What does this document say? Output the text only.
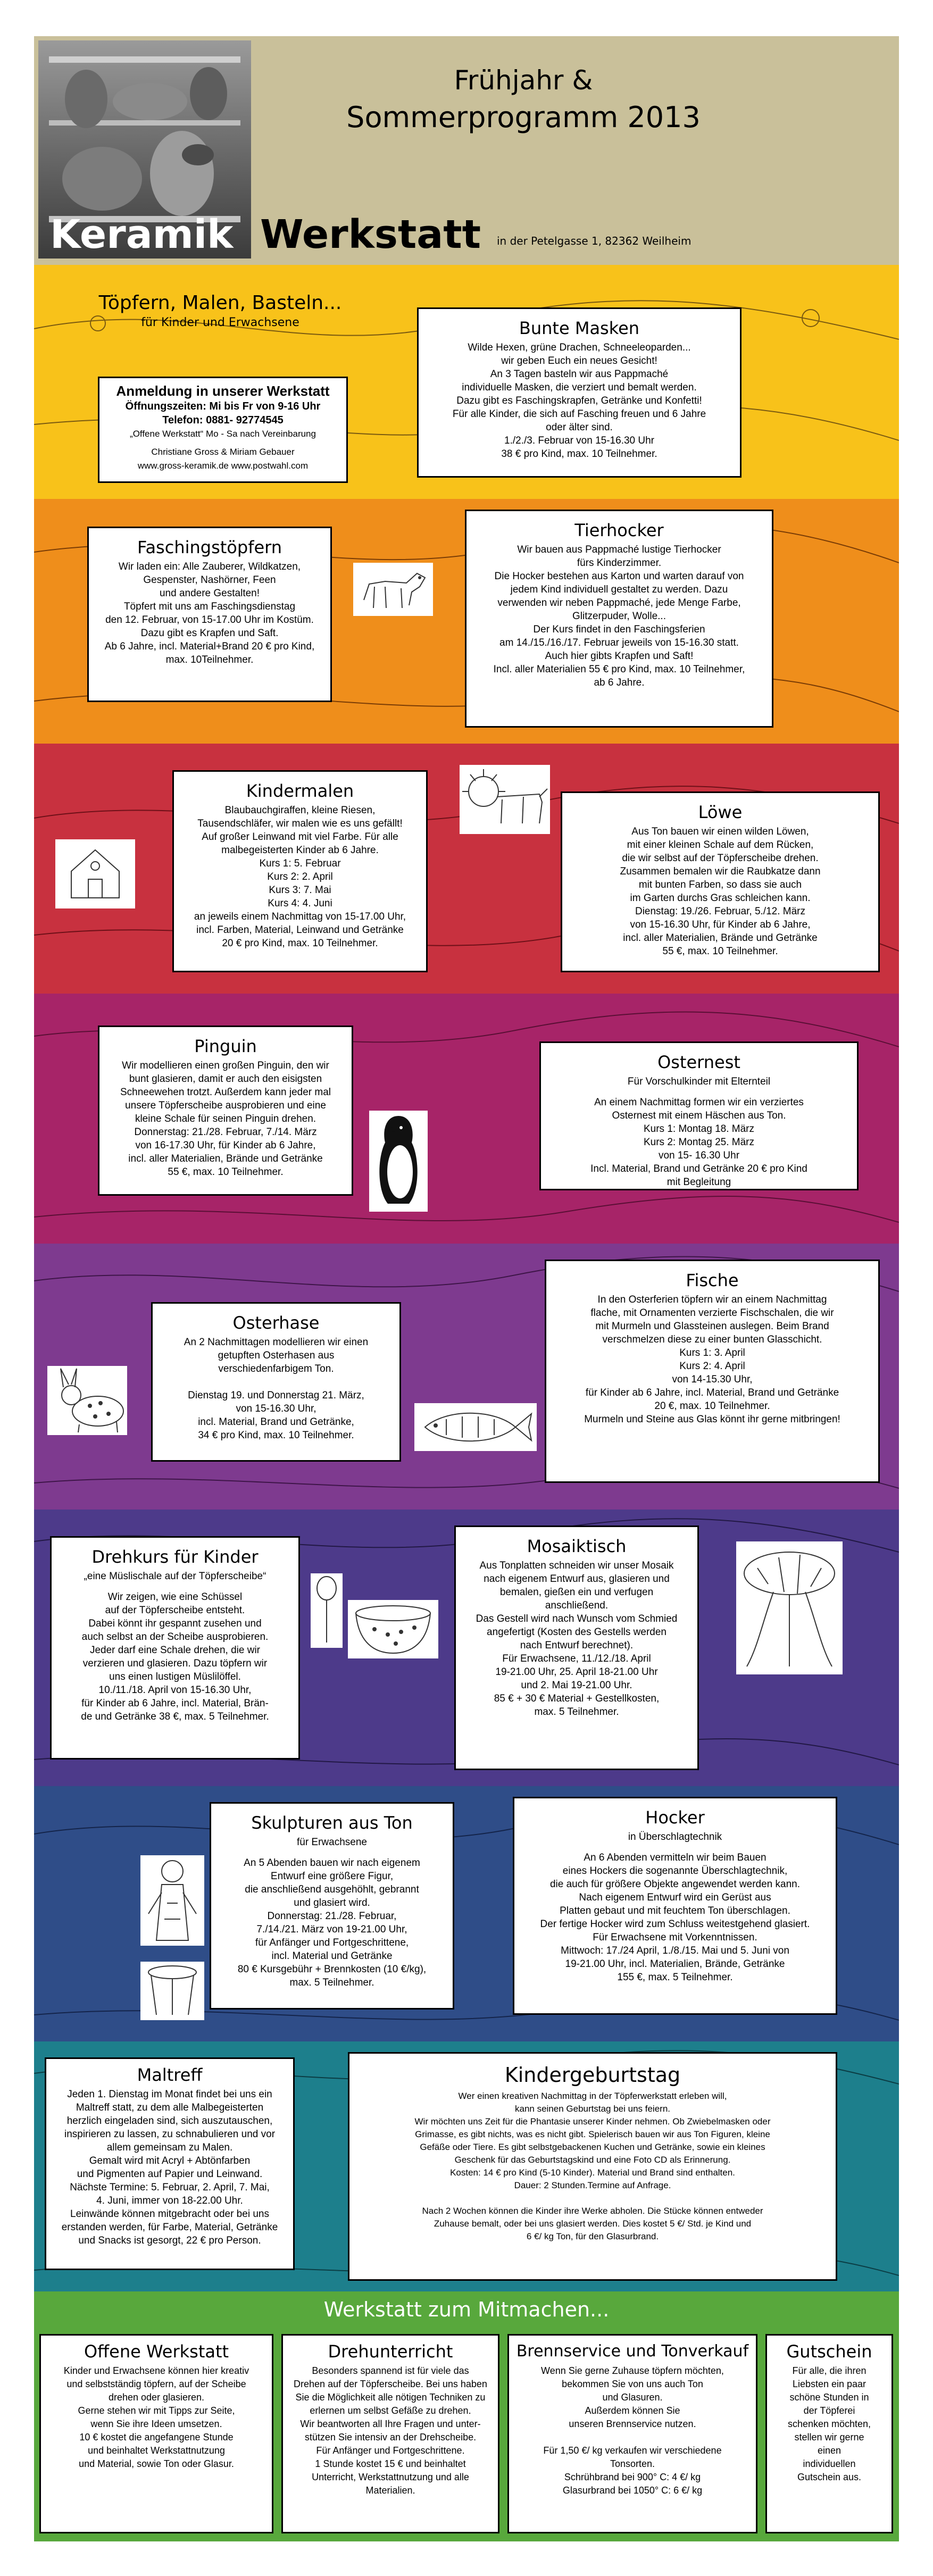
Frühjahr &
Sommerprogramm 2013
Keramik Werkstatt in der Petelgasse 1, 82362 Weilheim
Töpfern, Malen, Basteln...
für Kinder und Erwachsene
Anmeldung in unserer Werkstatt
Öffnungszeiten: Mi bis Fr von 9-16 Uhr
Telefon: 0881- 92774545
„Offene Werkstatt“ Mo - Sa nach Vereinbarung
Christiane Gross & Miriam Gebauer
www.gross-keramik.de www.postwahl.com
Bunte Masken

Wilde Hexen, grüne Drachen, Schneeleoparden...
wir geben Euch ein neues Gesicht!
An 3 Tagen basteln wir aus Pappmaché
individuelle Masken, die verziert und bemalt werden.
Dazu gibt es Faschingskrapfen, Getränke und Konfetti!
Für alle Kinder, die sich auf Fasching freuen und 6 Jahre
oder älter sind.
1./2./3. Februar von 15-16.30 Uhr
38 € pro Kind, max. 10 Teilnehmer.

Faschingstöpfern

Wir laden ein: Alle Zauberer, Wildkatzen,
Gespenster, Nashörner, Feen
und andere Gestalten!
Töpfert mit uns am Faschingsdienstag
den 12. Februar, von 15-17.00 Uhr im Kostüm.
Dazu gibt es Krapfen und Saft.
Ab 6 Jahre, incl. Material+Brand 20 € pro Kind,
max. 10Teilnehmer.

Tierhocker

Wir bauen aus Pappmaché lustige Tierhocker
fürs Kinderzimmer.
Die Hocker bestehen aus Karton und warten darauf von
jedem Kind individuell gestaltet zu werden. Dazu
verwenden wir neben Pappmaché, jede Menge Farbe,
Glitzerpuder, Wolle...
Der Kurs findet in den Faschingsferien
am 14./15./16./17. Februar jeweils von 15-16.30 statt.
Auch hier gibts Krapfen und Saft!
Incl. aller Materialien 55 € pro Kind, max. 10 Teilnehmer,
ab 6 Jahre.

Kindermalen

Blaubauchgiraffen, kleine Riesen,
Tausendschläfer, wir malen wie es uns gefällt!
Auf großer Leinwand mit viel Farbe. Für alle
malbegeisterten Kinder ab 6 Jahre.
Kurs 1: 5. Februar
Kurs 2: 2. April
Kurs 3: 7. Mai
Kurs 4: 4. Juni
an jeweils einem Nachmittag von 15-17.00 Uhr,
incl. Farben, Material, Leinwand und Getränke
20 € pro Kind, max. 10 Teilnehmer.

Löwe

Aus Ton bauen wir einen wilden Löwen,
mit einer kleinen Schale auf dem Rücken,
die wir selbst auf der Töpferscheibe drehen.
Zusammen bemalen wir die Raubkatze dann
mit bunten Farben, so dass sie auch
im Garten durchs Gras schleichen kann.
Dienstag: 19./26. Februar, 5./12. März
von 15-16.30 Uhr, für Kinder ab 6 Jahre,
incl. aller Materialien, Brände und Getränke
55 €, max. 10 Teilnehmer.

Pinguin

Wir modellieren einen großen Pinguin, den wir
bunt glasieren, damit er auch den eisigsten
Schneewehen trotzt. Außerdem kann jeder mal
unsere Töpferscheibe ausprobieren und eine
kleine Schale für seinen Pinguin drehen.
Donnerstag: 21./28. Februar, 7./14. März
von 16-17.30 Uhr, für Kinder ab 6 Jahre,
incl. aller Materialien, Brände und Getränke
55 €, max. 10 Teilnehmer.

Osternest
Für Vorschulkinder mit Elternteil

An einem Nachmittag formen wir ein verziertes
Osternest mit einem Häschen aus Ton.
Kurs 1: Montag 18. März
Kurs 2: Montag 25. März
von 15- 16.30 Uhr
Incl. Material, Brand und Getränke 20 € pro Kind
mit Begleitung

Osterhase

An 2 Nachmittagen modellieren wir einen
getupften Osterhasen aus
verschiedenfarbigem Ton.

Dienstag 19. und Donnerstag 21. März,
von 15-16.30 Uhr,
incl. Material, Brand und Getränke,
34 € pro Kind, max. 10 Teilnehmer.

Fische

In den Osterferien töpfern wir an einem Nachmittag
flache, mit Ornamenten verzierte Fischschalen, die wir
mit Murmeln und Glassteinen auslegen. Beim Brand
verschmelzen diese zu einer bunten Glasschicht.
Kurs 1: 3. April
Kurs 2: 4. April
von 14-15.30 Uhr,
für Kinder ab 6 Jahre, incl. Material, Brand und Getränke
20 €, max. 10 Teilnehmer.
Murmeln und Steine aus Glas könnt ihr gerne mitbringen!

Drehkurs für Kinder
„eine Müslischale auf der Töpferscheibe“

Wir zeigen, wie eine Schüssel
auf der Töpferscheibe entsteht.
Dabei könnt ihr gespannt zusehen und
auch selbst an der Scheibe ausprobieren.
Jeder darf eine Schale drehen, die wir
verzieren und glasieren. Dazu töpfern wir
uns einen lustigen Müslilöffel.
10./11./18. April von 15-16.30 Uhr,
für Kinder ab 6 Jahre, incl. Material, Brän-
de und Getränke 38 €, max. 5 Teilnehmer.

Mosaiktisch

Aus Tonplatten schneiden wir unser Mosaik
nach eigenem Entwurf aus, glasieren und
bemalen, gießen ein und verfugen
anschließend.
Das Gestell wird nach Wunsch vom Schmied
angefertigt (Kosten des Gestells werden
nach Entwurf berechnet).
Für Erwachsene, 11./12./18. April
19-21.00 Uhr, 25. April 18-21.00 Uhr
und 2. Mai 19-21.00 Uhr.
85 € + 30 € Material + Gestellkosten,
max. 5 Teilnehmer.

Skulpturen aus Ton
für Erwachsene

An 5 Abenden bauen wir nach eigenem
Entwurf eine größere Figur,
die anschließend ausgehöhlt, gebrannt
und glasiert wird.
Donnerstag: 21./28. Februar,
7./14./21. März von 19-21.00 Uhr,
für Anfänger und Fortgeschrittene,
incl. Material und Getränke
80 € Kursgebühr + Brennkosten (10 €/kg),
max. 5 Teilnehmer.

Hocker
in Überschlagtechnik

An 6 Abenden vermitteln wir beim Bauen
eines Hockers die sogenannte Überschlagtechnik,
die auch für größere Objekte angewendet werden kann.
Nach eigenem Entwurf wird ein Gerüst aus
Platten gebaut und mit feuchtem Ton überschlagen.
Der fertige Hocker wird zum Schluss weitestgehend glasiert.
Für Erwachsene mit Vorkenntnissen.
Mittwoch: 17./24 April, 1./8./15. Mai und 5. Juni von
19-21.00 Uhr, incl. Materialien, Brände, Getränke
155 €, max. 5 Teilnehmer.

Maltreff

Jeden 1. Dienstag im Monat findet bei uns ein
Maltreff statt, zu dem alle Malbegeisterten
herzlich eingeladen sind, sich auszutauschen,
inspirieren zu lassen, zu schnabulieren und vor
allem gemeinsam zu Malen.
Gemalt wird mit Acryl + Abtönfarben
und Pigmenten auf Papier und Leinwand.
Nächste Termine: 5. Februar, 2. April, 7. Mai,
4. Juni, immer von 18-22.00 Uhr.
Leinwände können mitgebracht oder bei uns
erstanden werden, für Farbe, Material, Getränke
und Snacks ist gesorgt, 22 € pro Person.

Kindergeburtstag

Wer einen kreativen Nachmittag in der Töpferwerkstatt erleben will,
kann seinen Geburtstag bei uns feiern.
Wir möchten uns Zeit für die Phantasie unserer Kinder nehmen. Ob Zwiebelmasken oder
Grimasse, es gibt nichts, was es nicht gibt. Spielerisch bauen wir aus Ton Figuren, kleine
Gefäße oder Tiere. Es gibt selbstgebackenen Kuchen und Getränke, sowie ein kleines
Geschenk für das Geburtstagskind und eine Foto CD als Erinnerung.
Kosten: 14 € pro Kind (5-10 Kinder). Material und Brand sind enthalten.
Dauer: 2 Stunden.Termine auf Anfrage.

Nach 2 Wochen können die Kinder ihre Werke abholen. Die Stücke können entweder
Zuhause bemalt, oder bei uns glasiert werden. Dies kostet 5 €/ Std. je Kind und
6 €/ kg Ton, für den Glasurbrand.

Werkstatt zum Mitmachen...
Offene Werkstatt

Kinder und Erwachsene können hier kreativ
und selbstständig töpfern, auf der Scheibe
drehen oder glasieren.
Gerne stehen wir mit Tipps zur Seite,
wenn Sie ihre Ideen umsetzen.
10 € kostet die angefangene Stunde
und beinhaltet Werkstattnutzung
und Material, sowie Ton oder Glasur.

Drehunterricht

Besonders spannend ist für viele das
Drehen auf der Töpferscheibe. Bei uns haben
Sie die Möglichkeit alle nötigen Techniken zu
erlernen um selbst Gefäße zu drehen.
Wir beantworten all Ihre Fragen und unter-
stützen Sie intensiv an der Drehscheibe.
Für Anfänger und Fortgeschrittene.
1 Stunde kostet 15 € und beinhaltet
Unterricht, Werkstattnutzung und alle
Materialien.

Brennservice und Tonverkauf

Wenn Sie gerne Zuhause töpfern möchten,
bekommen Sie von uns auch Ton
und Glasuren.
Außerdem können Sie
unseren Brennservice nutzen.

Für 1,50 €/ kg verkaufen wir verschiedene
Tonsorten.
Schrühbrand bei 900° C: 4 €/ kg
Glasurbrand bei 1050° C: 6 €/ kg

Gutschein

Für alle, die ihren
Liebsten ein paar
schöne Stunden in
der Töpferei
schenken möchten,
stellen wir gerne
einen
individuellen
Gutschein aus.
